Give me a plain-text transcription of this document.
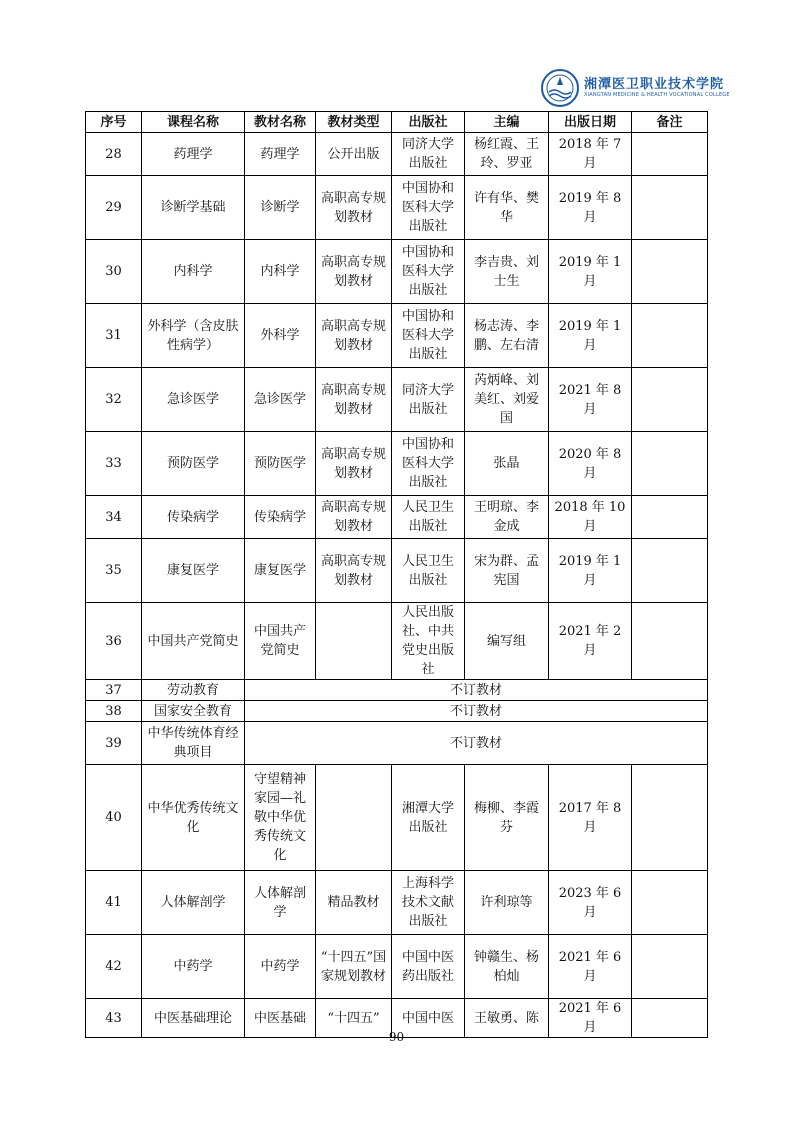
湘潭医卫职业技术学院
XIANGTAN MEDICINE & HEALTH VOCATIONAL COLLEGE
序号	课程名称	教材名称	教材类型	出版社	主编	出版日期	备注
28	药理学	药理学	公开出版	同济大学出版社	杨红霞、王玲、罗亚	2018 年 7 月	
29	诊断学基础	诊断学	高职高专规划教材	中国协和医科大学出版社	许有华、樊华	2019 年 8 月	
30	内科学	内科学	高职高专规划教材	中国协和医科大学出版社	李吉贵、刘士生	2019 年 1 月	
31	外科学（含皮肤性病学）	外科学	高职高专规划教材	中国协和医科大学出版社	杨志涛、李鹏、左右清	2019 年 1 月	
32	急诊医学	急诊医学	高职高专规划教材	同济大学出版社	芮炳峰、刘美红、刘爱国	2021 年 8 月	
33	预防医学	预防医学	高职高专规划教材	中国协和医科大学出版社	张晶	2020 年 8 月	
34	传染病学	传染病学	高职高专规划教材	人民卫生出版社	王明琼、李金成	2018 年 10 月	
35	康复医学	康复医学	高职高专规划教材	人民卫生出版社	宋为群、孟宪国	2019 年 1 月	
36	中国共产党简史	中国共产党简史		人民出版社、中共党史出版社	编写组	2021 年 2 月	
37	劳动教育	不订教材					
38	国家安全教育	不订教材					
39	中华传统体育经典项目	不订教材					
40	中华优秀传统文化	守望精神家园—礼敬中华优秀传统文化		湘潭大学出版社	梅柳、李霞芬	2017 年 8 月	
41	人体解剖学	人体解剖学	精品教材	上海科学技术文献出版社	许利琼等	2023 年 6 月	
42	中药学	中药学	“十四五”国家规划教材	中国中医药出版社	钟赣生、杨柏灿	2021 年 6 月	
43	中医基础理论	中医基础	“十四五”	中国中医	王敏勇、陈	2021 年 6 月	
90
